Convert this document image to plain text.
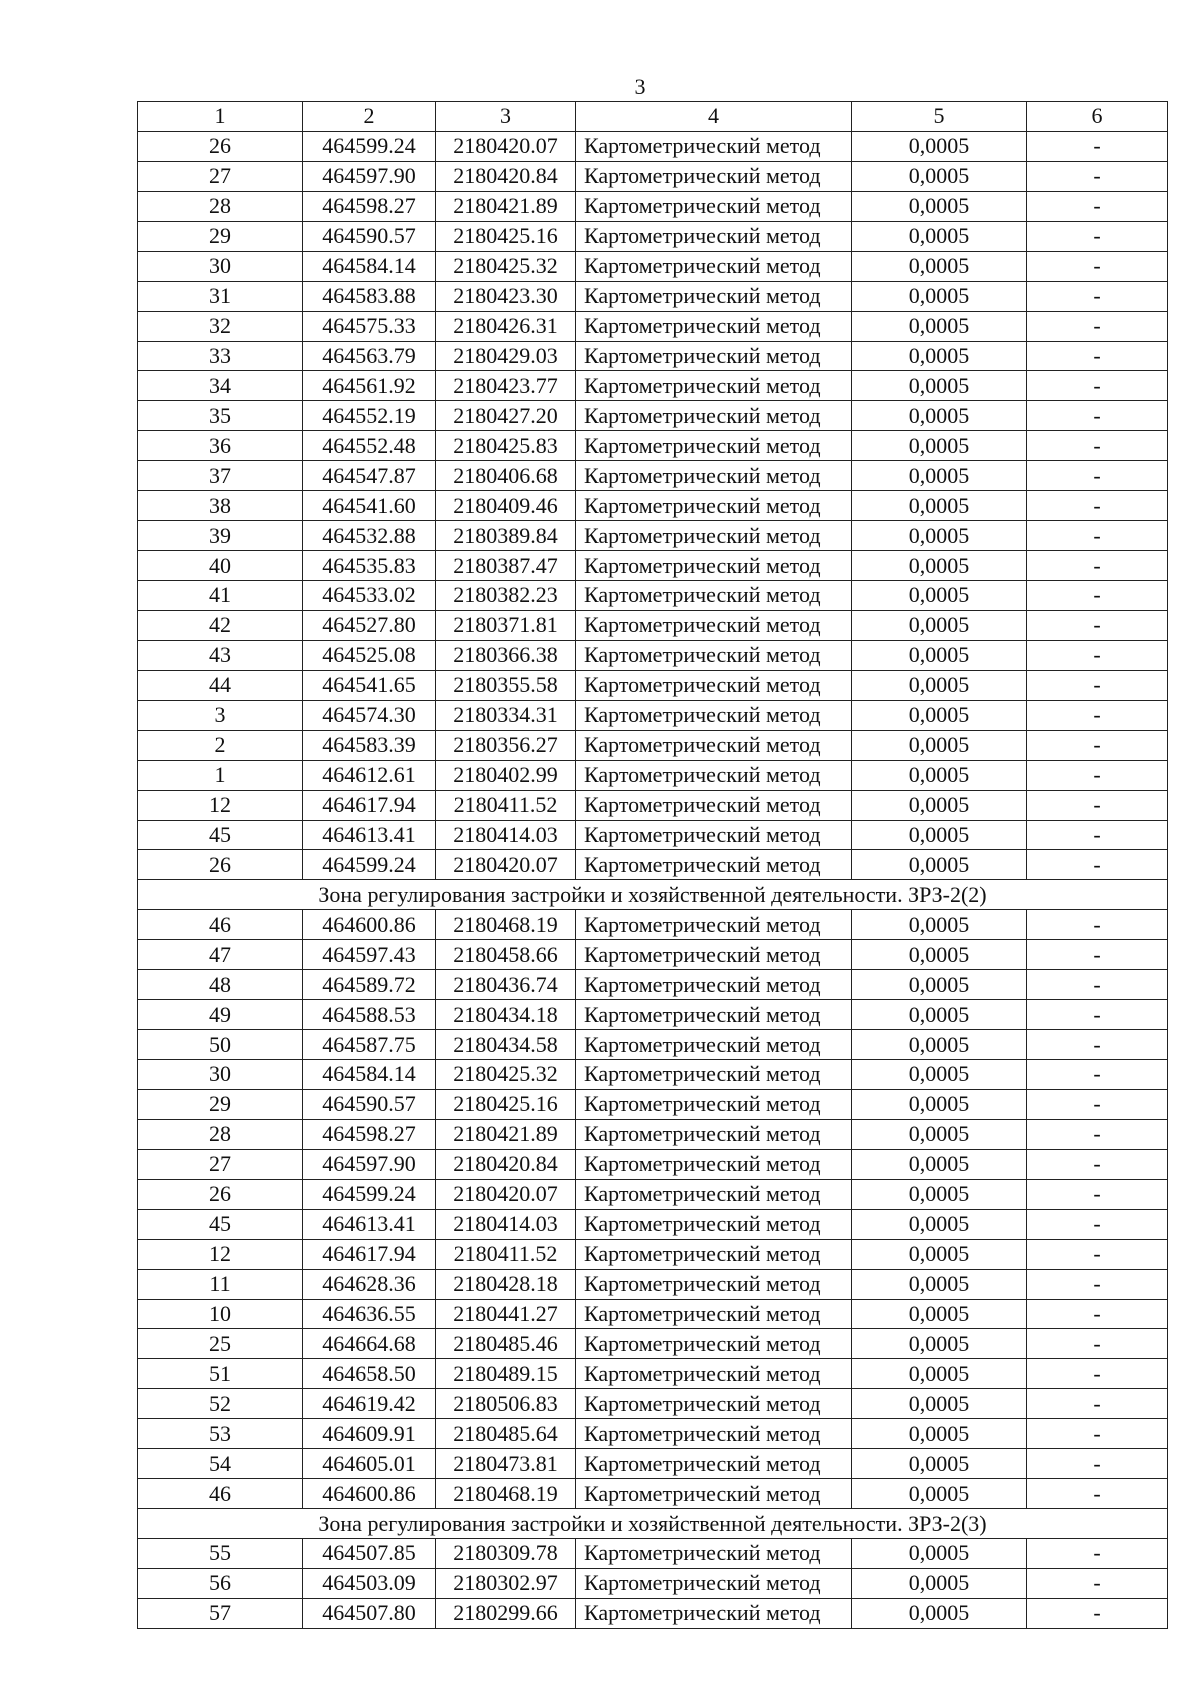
3
1	2	3	4	5	6
26	464599.24	2180420.07	Картометрический метод	0,0005	-
27	464597.90	2180420.84	Картометрический метод	0,0005	-
28	464598.27	2180421.89	Картометрический метод	0,0005	-
29	464590.57	2180425.16	Картометрический метод	0,0005	-
30	464584.14	2180425.32	Картометрический метод	0,0005	-
31	464583.88	2180423.30	Картометрический метод	0,0005	-
32	464575.33	2180426.31	Картометрический метод	0,0005	-
33	464563.79	2180429.03	Картометрический метод	0,0005	-
34	464561.92	2180423.77	Картометрический метод	0,0005	-
35	464552.19	2180427.20	Картометрический метод	0,0005	-
36	464552.48	2180425.83	Картометрический метод	0,0005	-
37	464547.87	2180406.68	Картометрический метод	0,0005	-
38	464541.60	2180409.46	Картометрический метод	0,0005	-
39	464532.88	2180389.84	Картометрический метод	0,0005	-
40	464535.83	2180387.47	Картометрический метод	0,0005	-
41	464533.02	2180382.23	Картометрический метод	0,0005	-
42	464527.80	2180371.81	Картометрический метод	0,0005	-
43	464525.08	2180366.38	Картометрический метод	0,0005	-
44	464541.65	2180355.58	Картометрический метод	0,0005	-
3	464574.30	2180334.31	Картометрический метод	0,0005	-
2	464583.39	2180356.27	Картометрический метод	0,0005	-
1	464612.61	2180402.99	Картометрический метод	0,0005	-
12	464617.94	2180411.52	Картометрический метод	0,0005	-
45	464613.41	2180414.03	Картометрический метод	0,0005	-
26	464599.24	2180420.07	Картометрический метод	0,0005	-
Зона регулирования застройки и хозяйственной деятельности. ЗРЗ-2(2)					
46	464600.86	2180468.19	Картометрический метод	0,0005	-
47	464597.43	2180458.66	Картометрический метод	0,0005	-
48	464589.72	2180436.74	Картометрический метод	0,0005	-
49	464588.53	2180434.18	Картометрический метод	0,0005	-
50	464587.75	2180434.58	Картометрический метод	0,0005	-
30	464584.14	2180425.32	Картометрический метод	0,0005	-
29	464590.57	2180425.16	Картометрический метод	0,0005	-
28	464598.27	2180421.89	Картометрический метод	0,0005	-
27	464597.90	2180420.84	Картометрический метод	0,0005	-
26	464599.24	2180420.07	Картометрический метод	0,0005	-
45	464613.41	2180414.03	Картометрический метод	0,0005	-
12	464617.94	2180411.52	Картометрический метод	0,0005	-
11	464628.36	2180428.18	Картометрический метод	0,0005	-
10	464636.55	2180441.27	Картометрический метод	0,0005	-
25	464664.68	2180485.46	Картометрический метод	0,0005	-
51	464658.50	2180489.15	Картометрический метод	0,0005	-
52	464619.42	2180506.83	Картометрический метод	0,0005	-
53	464609.91	2180485.64	Картометрический метод	0,0005	-
54	464605.01	2180473.81	Картометрический метод	0,0005	-
46	464600.86	2180468.19	Картометрический метод	0,0005	-
Зона регулирования застройки и хозяйственной деятельности. ЗРЗ-2(3)					
55	464507.85	2180309.78	Картометрический метод	0,0005	-
56	464503.09	2180302.97	Картометрический метод	0,0005	-
57	464507.80	2180299.66	Картометрический метод	0,0005	-
